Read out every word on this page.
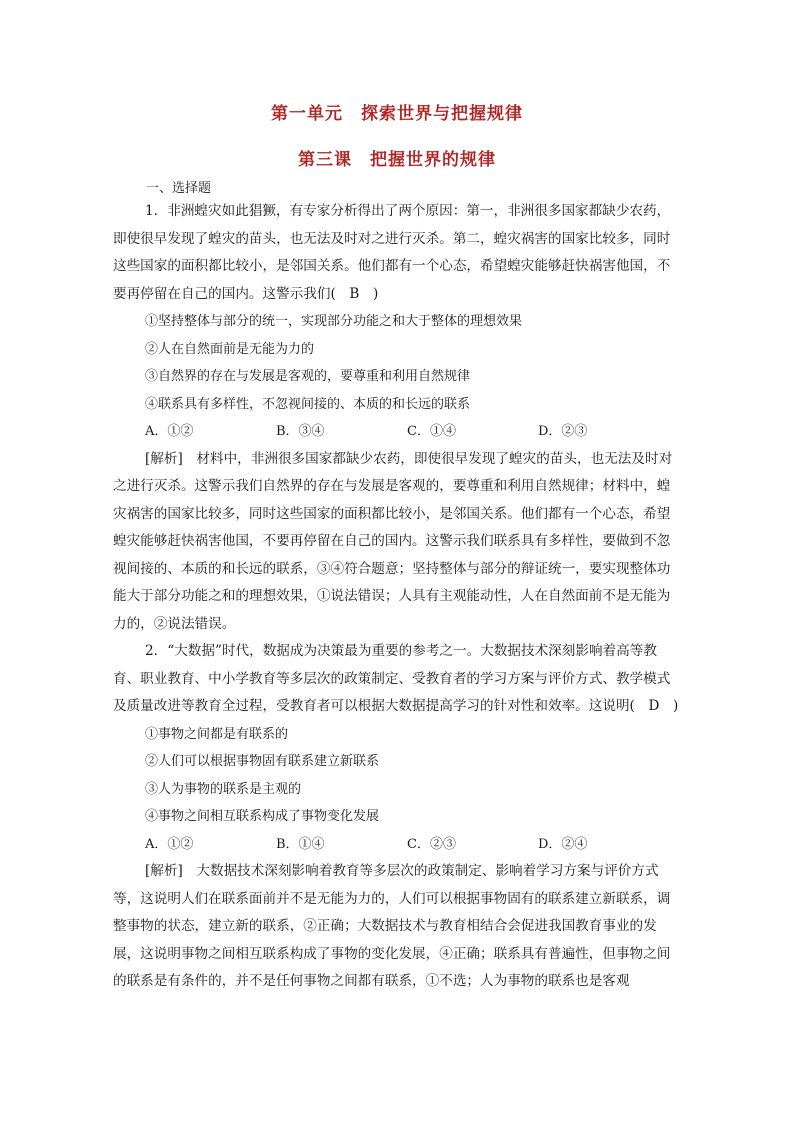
第一单元　探索世界与把握规律
第三课　把握世界的规律
一、选择题

1．非洲蝗灾如此猖獗，有专家分析得出了两个原因：第一，非洲很多国家都缺少农药，即使很早发现了蝗灾的苗头，也无法及时对之进行灭杀。第二，蝗灾祸害的国家比较多，同时这些国家的面积都比较小，是邻国关系。他们都有一个心态，希望蝗灾能够赶快祸害他国，不要再停留在自己的国内。这警示我们(　B　)

①坚持整体与部分的统一，实现部分功能之和大于整体的理想效果

②人在自然面前是无能为力的

③自然界的存在与发展是客观的，要尊重和利用自然规律

④联系具有多样性，不忽视间接的、本质的和长远的联系

A．①②	B．③④	C．①④	D．②③

[解析]　材料中，非洲很多国家都缺少农药，即使很早发现了蝗灾的苗头，也无法及时对之进行灭杀。这警示我们自然界的存在与发展是客观的，要尊重和利用自然规律；材料中，蝗灾祸害的国家比较多，同时这些国家的面积都比较小，是邻国关系。他们都有一个心态，希望蝗灾能够赶快祸害他国，不要再停留在自己的国内。这警示我们联系具有多样性，要做到不忽视间接的、本质的和长远的联系，③④符合题意；坚持整体与部分的辩证统一，要实现整体功能大于部分功能之和的理想效果，①说法错误；人具有主观能动性，人在自然面前不是无能为力的，②说法错误。

2．“大数据”时代，数据成为决策最为重要的参考之一。大数据技术深刻影响着高等教育、职业教育、中小学教育等多层次的政策制定、受教育者的学习方案与评价方式、教学模式及质量改进等教育全过程，受教育者可以根据大数据提高学习的针对性和效率。这说明(　D　)

①事物之间都是有联系的

②人们可以根据事物固有联系建立新联系

③人为事物的联系是主观的

④事物之间相互联系构成了事物变化发展

A．①②	B．①④	C．②③	D．②④

[解析]　大数据技术深刻影响着教育等多层次的政策制定、影响着学习方案与评价方式等，这说明人们在联系面前并不是无能为力的，人们可以根据事物固有的联系建立新联系，调整事物的状态，建立新的联系，②正确；大数据技术与教育相结合会促进我国教育事业的发展，这说明事物之间相互联系构成了事物的变化发展，④正确；联系具有普遍性，但事物之间的联系是有条件的，并不是任何事物之间都有联系，①不选；人为事物的联系也是客观
